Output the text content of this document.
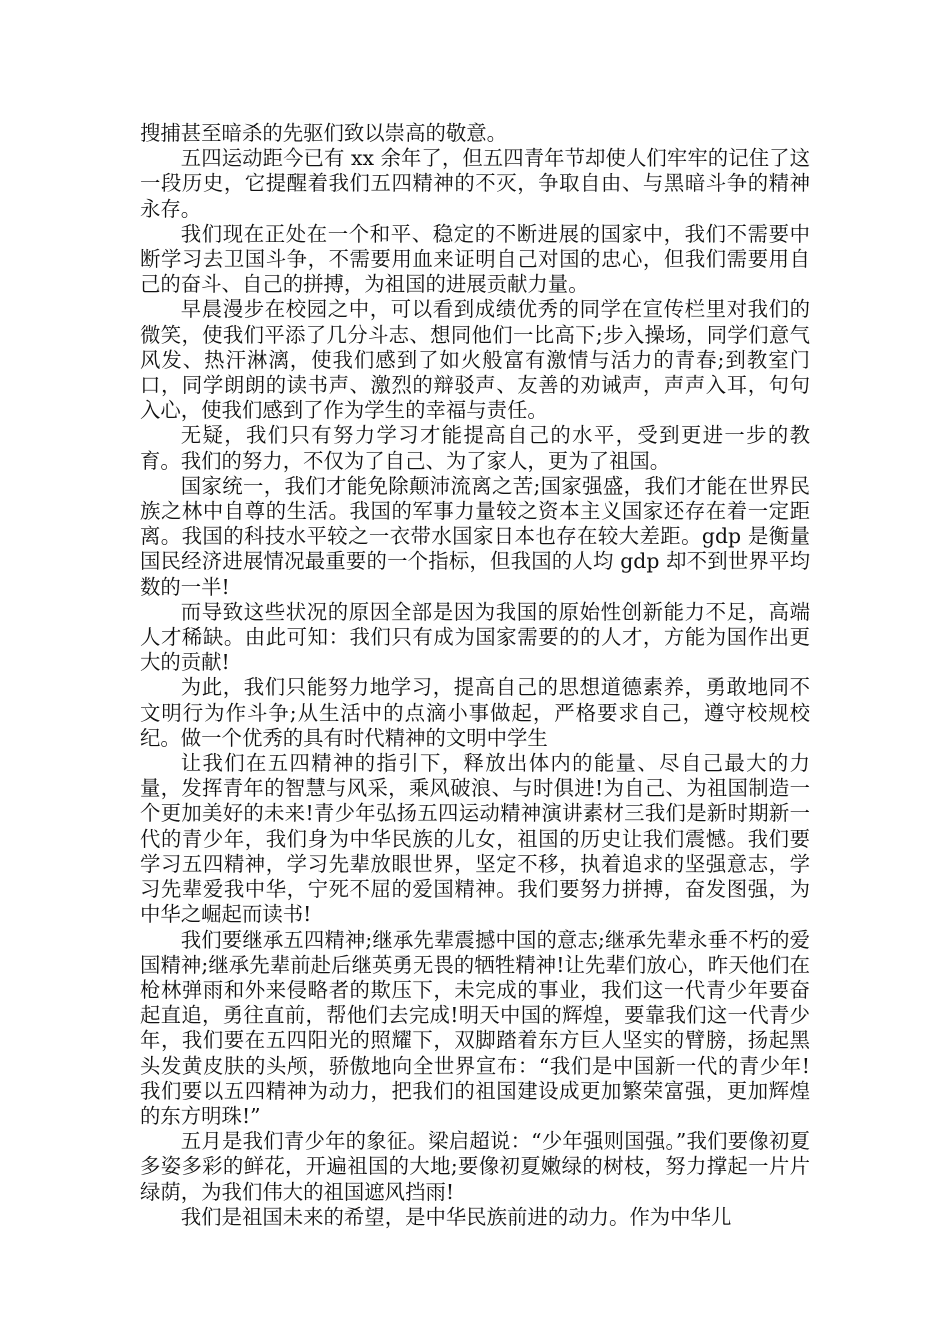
搜捕甚至暗杀的先驱们致以崇高的敬意。

五四运动距今已有 xx 余年了，但五四青年节却使人们牢牢的记住了这一段历史，它提醒着我们五四精神的不灭，争取自由、与黑暗斗争的精神永存。

我们现在正处在一个和平、稳定的不断进展的国家中，我们不需要中断学习去卫国斗争，不需要用血来证明自己对国的忠心，但我们需要用自己的奋斗、自己的拼搏，为祖国的进展贡献力量。

早晨漫步在校园之中，可以看到成绩优秀的同学在宣传栏里对我们的微笑，使我们平添了几分斗志、想同他们一比高下;步入操场，同学们意气风发、热汗淋漓，使我们感到了如火般富有激情与活力的青春;到教室门口，同学朗朗的读书声、激烈的辩驳声、友善的劝诫声，声声入耳，句句入心，使我们感到了作为学生的幸福与责任。

无疑，我们只有努力学习才能提高自己的水平，受到更进一步的教育。我们的努力，不仅为了自己、为了家人，更为了祖国。

国家统一，我们才能免除颠沛流离之苦;国家强盛，我们才能在世界民族之林中自尊的生活。我国的军事力量较之资本主义国家还存在着一定距离。我国的科技水平较之一衣带水国家日本也存在较大差距。gdp 是衡量国民经济进展情况最重要的一个指标，但我国的人均 gdp 却不到世界平均数的一半!

而导致这些状况的原因全部是因为我国的原始性创新能力不足，高端人才稀缺。由此可知：我们只有成为国家需要的的人才，方能为国作出更大的贡献!

为此，我们只能努力地学习，提高自己的思想道德素养，勇敢地同不文明行为作斗争;从生活中的点滴小事做起，严格要求自己，遵守校规校纪。做一个优秀的具有时代精神的文明中学生

让我们在五四精神的指引下，释放出体内的能量、尽自己最大的力量，发挥青年的智慧与风采，乘风破浪、与时俱进!为自己、为祖国制造一个更加美好的未来!青少年弘扬五四运动精神演讲素材三我们是新时期新一代的青少年，我们身为中华民族的儿女，祖国的历史让我们震憾。我们要学习五四精神，学习先辈放眼世界，坚定不移，执着追求的坚强意志，学习先辈爱我中华，宁死不屈的爱国精神。我们要努力拼搏，奋发图强，为中华之崛起而读书!

我们要继承五四精神;继承先辈震撼中国的意志;继承先辈永垂不朽的爱国精神;继承先辈前赴后继英勇无畏的牺牲精神!让先辈们放心，昨天他们在枪林弹雨和外来侵略者的欺压下，未完成的事业，我们这一代青少年要奋起直追，勇往直前，帮他们去完成!明天中国的辉煌，要靠我们这一代青少年，我们要在五四阳光的照耀下，双脚踏着东方巨人坚实的臂膀，扬起黑头发黄皮肤的头颅，骄傲地向全世界宣布：“我们是中国新一代的青少年!我们要以五四精神为动力，把我们的祖国建设成更加繁荣富强，更加辉煌的东方明珠!”

五月是我们青少年的象征。梁启超说：“少年强则国强。”我们要像初夏多姿多彩的鲜花，开遍祖国的大地;要像初夏嫩绿的树枝，努力撑起一片片绿荫，为我们伟大的祖国遮风挡雨!

我们是祖国未来的希望，是中华民族前进的动力。作为中华儿
